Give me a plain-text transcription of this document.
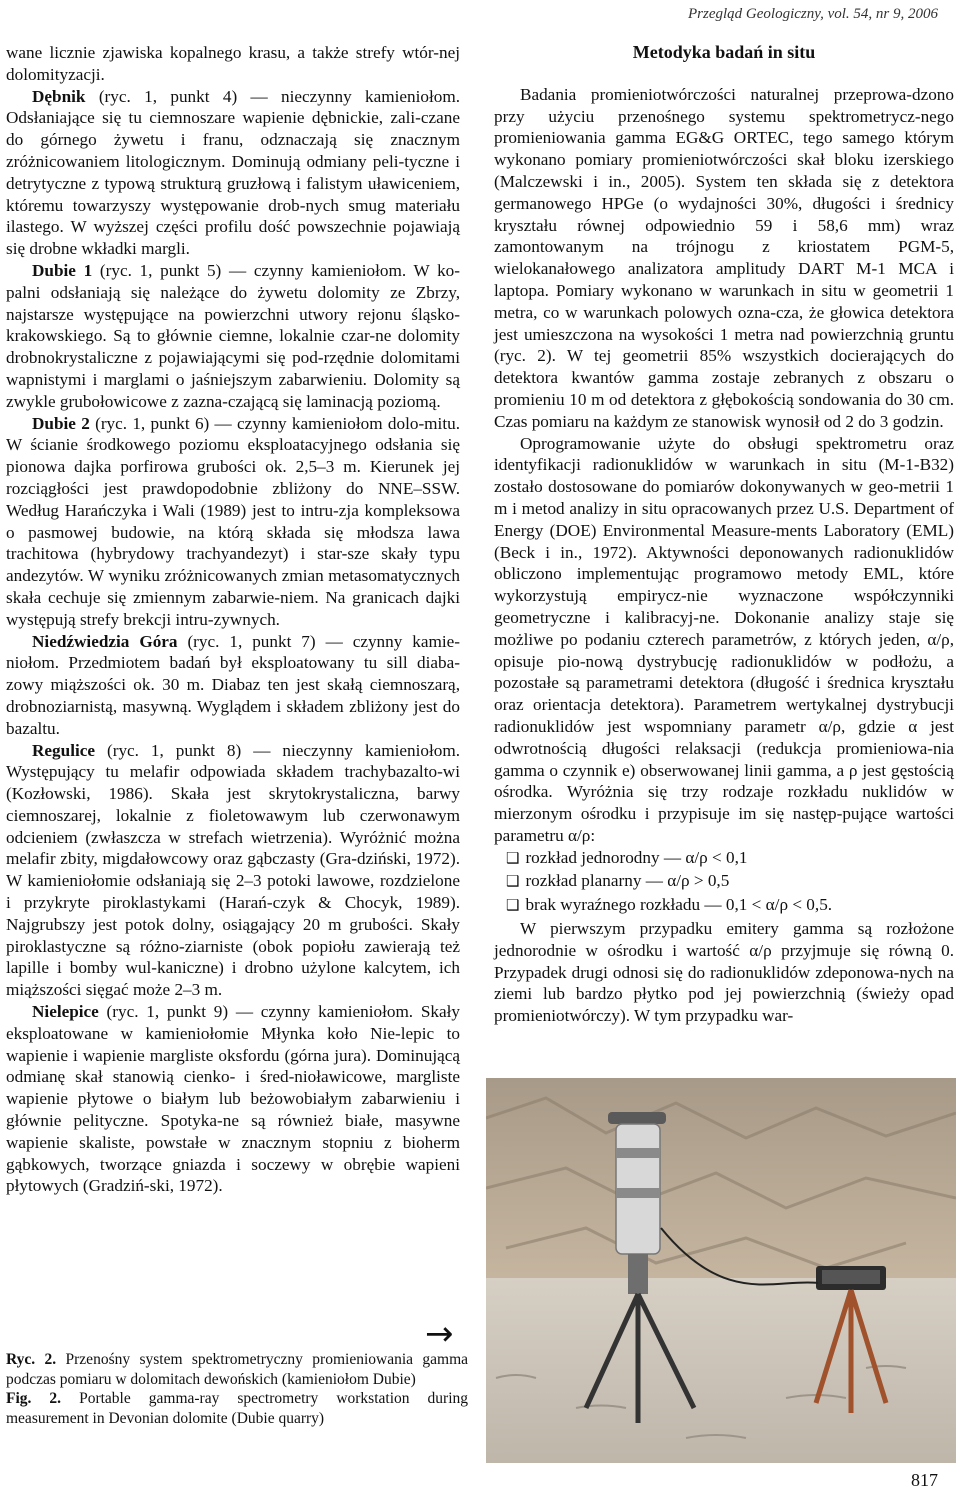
Przegląd Geologiczny, vol. 54, nr 9, 2006

wane licznie zjawiska kopalnego krasu, a także strefy wtór-nej dolomityzacji.

Dębnik (ryc. 1, punkt 4) — nieczynny kamieniołom. Odsłaniające się tu ciemnoszare wapienie dębnickie, zali-czane do górnego żywetu i franu, odznaczają się znacznym zróżnicowaniem litologicznym. Dominują odmiany peli-tyczne i detrytyczne z typową strukturą gruzłową i falistym uławiceniem, któremu towarzyszy występowanie drob-nych smug materiału ilastego. W wyższej części profilu dość powszechnie pojawiają się drobne wkładki margli.

Dubie 1 (ryc. 1, punkt 5) — czynny kamieniołom. W ko-palni odsłaniają się należące do żywetu dolomity ze Zbrzy, najstarsze występujące na powierzchni utwory rejonu śląsko-krakowskiego. Są to głównie ciemne, lokalnie czar-ne dolomity drobnokrystaliczne z pojawiającymi się pod-rzędnie dolomitami wapnistymi i marglami o jaśniejszym zabarwieniu. Dolomity są zwykle grubołowicowe z zazna-czającą się laminacją poziomą.

Dubie 2 (ryc. 1, punkt 6) — czynny kamieniołom dolo-mitu. W ścianie środkowego poziomu eksploatacyjnego odsłania się pionowa dajka porfirowa grubości ok. 2,5–3 m. Kierunek jej rozciągłości jest prawdopodobnie zbliżony do NNE–SSW. Według Harańczyka i Wali (1989) jest to intru-zja kompleksowa o pasmowej budowie, na którą składa się młodsza lawa trachitowa (hybrydowy trachyandezyt) i star-sze skały typu andezytów. W wyniku zróżnicowanych zmian metasomatycznych skała cechuje się zmiennym zabarwie-niem. Na granicach dajki występują strefy brekcji intru-zywnych.

Niedźwiedzia Góra (ryc. 1, punkt 7) — czynny kamie-niołom. Przedmiotem badań był eksploatowany tu sill diaba-zowy miąższości ok. 30 m. Diabaz ten jest skałą ciemnoszarą, drobnoziarnistą, masywną. Wyglądem i składem zbliżony jest do bazaltu.

Regulice (ryc. 1, punkt 8) — nieczynny kamieniołom. Występujący tu melafir odpowiada składem trachybazalto-wi (Kozłowski, 1986). Skała jest skrytokrystaliczna, barwy ciemnoszarej, lokalnie z fioletowawym lub czerwonawym odcieniem (zwłaszcza w strefach wietrzenia). Wyróżnić można melafir zbity, migdałowcowy oraz gąbczasty (Gra-dziński, 1972). W kamieniołomie odsłaniają się 2–3 potoki lawowe, rozdzielone i przykryte piroklastykami (Harań-czyk & Chocyk, 1989). Najgrubszy jest potok dolny, osiągający 20 m grubości. Skały piroklastyczne są różno-ziarniste (obok popiołu zawierają też lapille i bomby wul-kaniczne) i drobno użylone kalcytem, ich miąższości sięgać może 2–3 m.

Nielepice (ryc. 1, punkt 9) — czynny kamieniołom. Skały eksploatowane w kamieniołomie Młynka koło Nie-lepic to wapienie i wapienie margliste oksfordu (górna jura). Dominującą odmianę skał stanowią cienko- i śred-nioławicowe, margliste wapienie płytowe o białym lub beżowobiałym zabarwieniu i głównie pelityczne. Spotyka-ne są również białe, masywne wapienie skaliste, powstałe w znacznym stopniu z bioherm gąbkowych, tworzące gniazda i soczewy w obrębie wapieni płytowych (Gradziń-ski, 1972).

Metodyka badań in situ

Badania promieniotwórczości naturalnej przeprowa-dzono przy użyciu przenośnego systemu spektrometrycz-nego promieniowania gamma EG&G ORTEC, tego samego którym wykonano pomiary promieniotwórczości skał bloku izerskiego (Malczewski i in., 2005). System ten składa się z detektora germanowego HPGe (o wydajności 30%, długości i średnicy kryształu równej odpowiednio 59 i 58,6 mm) wraz zamontowanym na trójnogu z kriostatem PGM-5, wielokanałowego analizatora amplitudy DART M-1 MCA i laptopa. Pomiary wykonano w warunkach in situ w geometrii 1 metra, co w warunkach polowych ozna-cza, że głowica detektora jest umieszczona na wysokości 1 metra nad powierzchnią gruntu (ryc. 2). W tej geometrii 85% wszystkich docierających do detektora kwantów gamma zostaje zebranych z obszaru o promieniu 10 m od detektora z głębokością sondowania do 30 cm. Czas pomiaru na każdym ze stanowisk wynosił od 2 do 3 godzin.

Oprogramowanie użyte do obsługi spektrometru oraz identyfikacji radionuklidów w warunkach in situ (M-1-B32) zostało dostosowane do pomiarów dokonywanych w geo-metrii 1 m i metod analizy in situ opracowanych przez U.S. Department of Energy (DOE) Environmental Measure-ments Laboratory (EML) (Beck i in., 1972). Aktywności deponowanych radionuklidów obliczono implementując programowo metody EML, które wykorzystują empirycz-nie wyznaczone współczynniki geometryczne i kalibracyj-ne. Dokonanie analizy staje się możliwe po podaniu czterech parametrów, z których jeden, α/ρ, opisuje pio-nową dystrybucję radionuklidów w podłożu, a pozostałe są parametrami detektora (długość i średnica kryształu oraz orientacja detektora). Parametrem wertykalnej dystrybucji radionuklidów jest wspomniany parametr α/ρ, gdzie α jest odwrotnością długości relaksacji (redukcja promieniowa-nia gamma o czynnik e) obserwowanej linii gamma, a ρ jest gęstością ośrodka. Wyróżnia się trzy rodzaje rozkładu nuklidów w mierzonym ośrodku i przypisuje im się następ-pujące wartości parametru α/ρ:

❑ rozkład jednorodny — α/ρ < 0,1
❑ rozkład planarny — α/ρ > 0,5
❑ brak wyraźnego rozkładu — 0,1 < α/ρ < 0,5.

W pierwszym przypadku emitery gamma są rozłożone jednorodnie w ośrodku i wartość α/ρ przyjmuje się równą 0. Przypadek drugi odnosi się do radionuklidów zdeponowa-nych na ziemi lub bardzo płytko pod jej powierzchnią (świeży opad promieniotwórczy). W tym przypadku war-

→

Ryc. 2. Przenośny system spektrometryczny promieniowania gamma podczas pomiaru w dolomitach dewońskich (kamieniołom Dubie)

Fig. 2. Portable gamma-ray spectrometry workstation during measurement in Devonian dolomite (Dubie quarry)

817
